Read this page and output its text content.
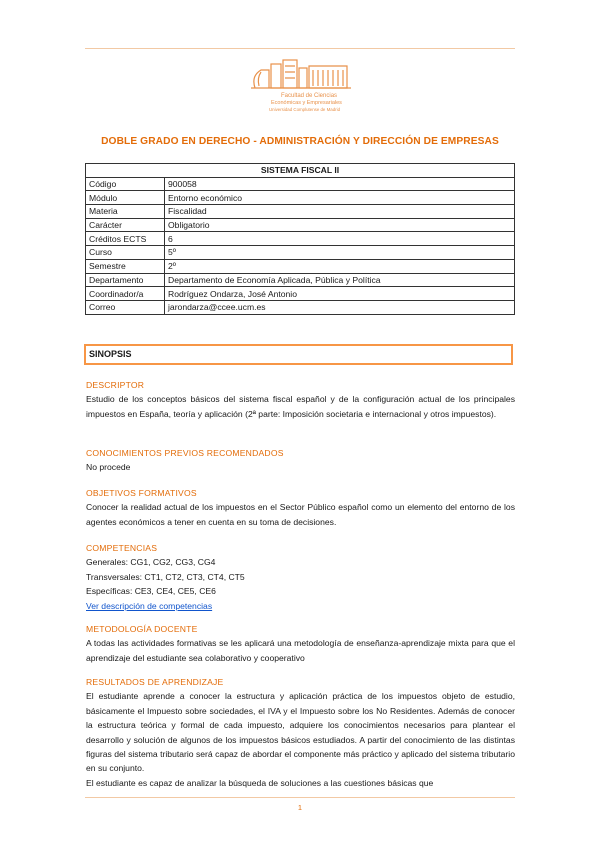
Facultad de Ciencias
Económicas y Empresariales
Universidad Complutense de Madrid
DOBLE GRADO EN DERECHO - ADMINISTRACIÓN Y DIRECCIÓN DE EMPRESAS
SISTEMA FISCAL II	
Código	900058
Módulo	Entorno económico
Materia	Fiscalidad
Carácter	Obligatorio
Créditos ECTS	6
Curso	5º
Semestre	2º
Departamento	Departamento de Economía Aplicada, Pública y Política
Coordinador/a	Rodríguez Ondarza, José Antonio
Correo	jarondarza@ccee.ucm.es
SINOPSIS
DESCRIPTOR

Estudio de los conceptos básicos del sistema fiscal español y de la configuración actual de los principales impuestos en España, teoría y aplicación (2ª parte: Imposición societaria e internacional y otros impuestos).

CONOCIMIENTOS PREVIOS RECOMENDADOS

No procede

OBJETIVOS FORMATIVOS

Conocer la realidad actual de los impuestos en el Sector Público español como un elemento del entorno de los agentes económicos a tener en cuenta en su toma de decisiones.

COMPETENCIAS

Generales: CG1, CG2, CG3, CG4

Transversales: CT1, CT2, CT3, CT4, CT5

Específicas: CE3, CE4, CE5, CE6

Ver descripción de competencias

METODOLOGÍA DOCENTE

A todas las actividades formativas se les aplicará una metodología de enseñanza-aprendizaje mixta para que el aprendizaje del estudiante sea colaborativo y cooperativo

RESULTADOS DE APRENDIZAJE

El estudiante aprende a conocer la estructura y aplicación práctica de los impuestos objeto de estudio, básicamente el Impuesto sobre sociedades, el IVA y el Impuesto sobre los No Residentes. Además de conocer la estructura teórica y formal de cada impuesto, adquiere los conocimientos necesarios para plantear el desarrollo y solución de algunos de los impuestos básicos estudiados. A partir del conocimiento de las distintas figuras del sistema tributario será capaz de abordar el componente más práctico y aplicado del sistema tributario en su conjunto.

El estudiante es capaz de analizar la búsqueda de soluciones a las cuestiones básicas que

1
